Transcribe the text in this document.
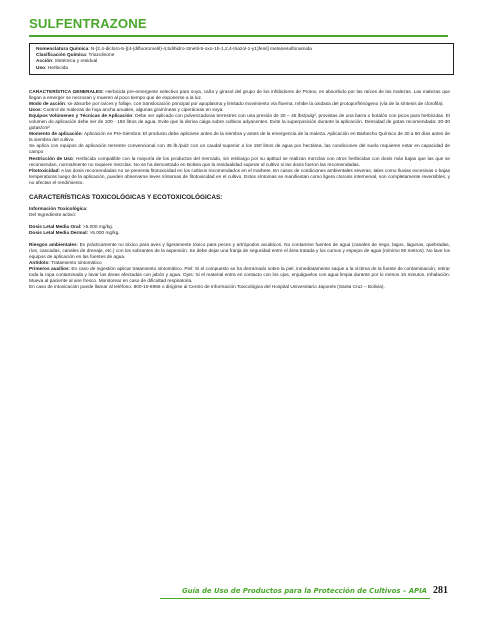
SULFENTRAZONE
Nomenclatura Química: N-[2,4-dicloro-5-[(4-(difluorometil)-4,5dihidro-3metil-5-oxo-1h-1,2,4-triazol-1-y1)fenil] metanesulfonamida
Clasificación Química: Triazolinone
Acción: Sistémica y residual
Uso: Herbicida

CARACTERÍSTICA GENERALES: Herbicida pre-emergente selectivo para soya, caña y girasol del grupo de los inhibidores de Protox, es absorbido por las raíces de las malezas. Las malezas que llegan a emerger se necrosan y mueren al poco tiempo que de exponerse a la luz.

Modo de acción: se absorbe por raíces y follaje, con translocación principal por apoplasma y limitado movimiento vía floema. Inhibe la oxidasa del protoporfirinógeno (vía de la síntesis de clorofila).

Usos: Control de malezas de hoja ancha anuales, algunas gramíneas y ciperáceas en soya.

Equipos Volúmenes y Técnicas de Aplicación: Debe ser aplicado con pulverizadoras terrestres con una presión de 30 – 45 lbs/pulg², provistas de una barra o botalón con picos para herbicidas. El volumen de aplicación debe ser de 100 - 150 litros de agua. Evite que la deriva caiga sobre cultivos adyacentes. Evite la superposición durante la aplicación. Densidad de gotas recomendada: 20-30 gotas/cm²

Momento de aplicación: Aplicación en Pre-Siembra: El producto debe aplicarse antes de la siembra y antes de la emergencia de la maleza. Aplicación en Barbecho Químico de 30 a 60 días antes de la siembra del cultivo.

Se aplica con equipos de aplicación terrestre convencional con 45 lb./pul2 con un caudal superior a los 150 litros de agua por hectárea, las condiciones del suelo requieren estar en capacidad de campo

Restricción de Uso: Herbicida compatible con la mayoría de los productos del mercado, sin embargo por su aptitud se realizan mezclas con otros herbicidas con dosis más bajas que las que se recomiendan, normalmente no requiere mezclas. No se ha demostrado en Bolivia que la residualidad superar al cultivo si las dosis fueron las recomendadas.

Fitotoxicidad: A las dosis recomendadas no se presenta fitotoxicidad en los cultivos recomendados en el marbete. En casos de condiciones ambientales severas, tales como lluvias excesivas o bajas temperaturas luego de la aplicación, pueden observarse leves síntomas de fitotoxicidad en el cultivo. Estos síntomas se manifiestan como ligera clorosis internerval, son completamente reversibles, y no afectan el rendimiento.

CARACTERÍSTICAS TOXICOLÓGICAS Y ECOTOXICOLÓGICAS:

Información Toxicológica:

Del Ingrediente activo:

Dosis Letal Media Oral: >5.000 mg/kg.

Dosis Letal Media Dermal: >5.000 mg/kg.

Riesgos ambientales: Es prácticamente no tóxico para aves y ligeramente tóxico para peces y artrópodos acuáticos. No contamine fuentes de agua (canales de riego, lagos, lagunas, quebradas, ríos, cascadas, canales de drenaje, etc.) con los sobrantes de la aspersión. Se debe dejar una franja de seguridad entre el área tratada y los cursos y espejos de agua (mínimo 50 metros). No lave los equipos de aplicación en las fuentes de agua.

Antídoto: Tratamiento sintomático

Primeros auxilios: En caso de ingestión aplicar tratamiento sintomático. Piel: Si el compuesto se ha derramado sobre la piel, inmediatamente saque a la víctima de la fuente de contaminación, retirar toda la ropa contaminada y lavar las áreas afectadas con jabón y agua. Ojos: Si el material entra en contacto con los ojos, enjuáguelos con agua limpia durante por lo menos 15 minutos. Inhalación: Mueva al paciente al aire fresco. Monitorear en caso de dificultad respiratoria.

En caso de intoxicación puede llamar al teléfono: 800-10-6966 o dirigirse al Centro de Información Toxicológica del Hospital Universitario Japonés (Santa Cruz – Bolivia).

Guía de Uso de Productos para la Protección de Cultivos – APIA 281
